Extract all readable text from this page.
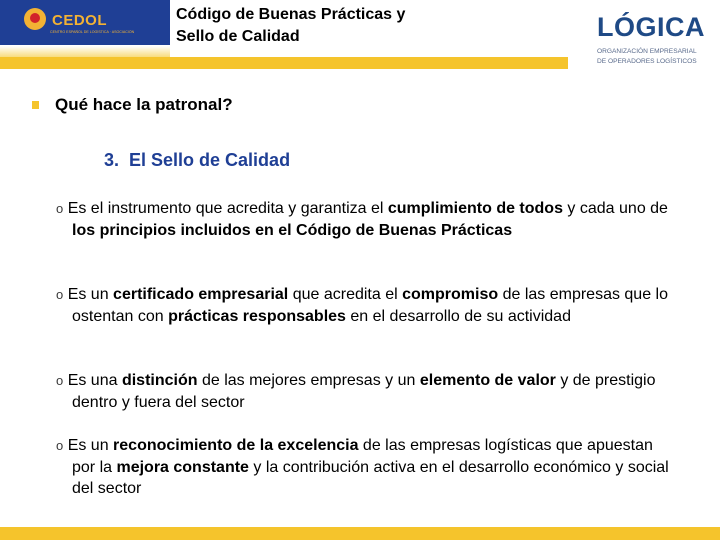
CEDOL
CENTRO ESPAÑOL DE LOGÍSTICA · ASOCIACIÓN
Código de Buenas Prácticas y
Sello de Calidad	LÓGICA
ORGANIZACIÓN EMPRESARIAL
DE OPERADORES LOGÍSTICOS
Qué hace la patronal?
3. El Sello de Calidad

o Es el instrumento que acredita y garantiza el cumplimiento de todos y cada uno de los principios incluidos en el Código de Buenas Prácticas

o Es un certificado empresarial que acredita el compromiso de las empresas que lo ostentan con prácticas responsables en el desarrollo de su actividad

o Es una distinción de las mejores empresas y un elemento de valor y de prestigio dentro y fuera del sector

o Es un reconocimiento de la excelencia de las empresas logísticas que apuestan por la mejora constante y la contribución activa en el desarrollo económico y social del sector
